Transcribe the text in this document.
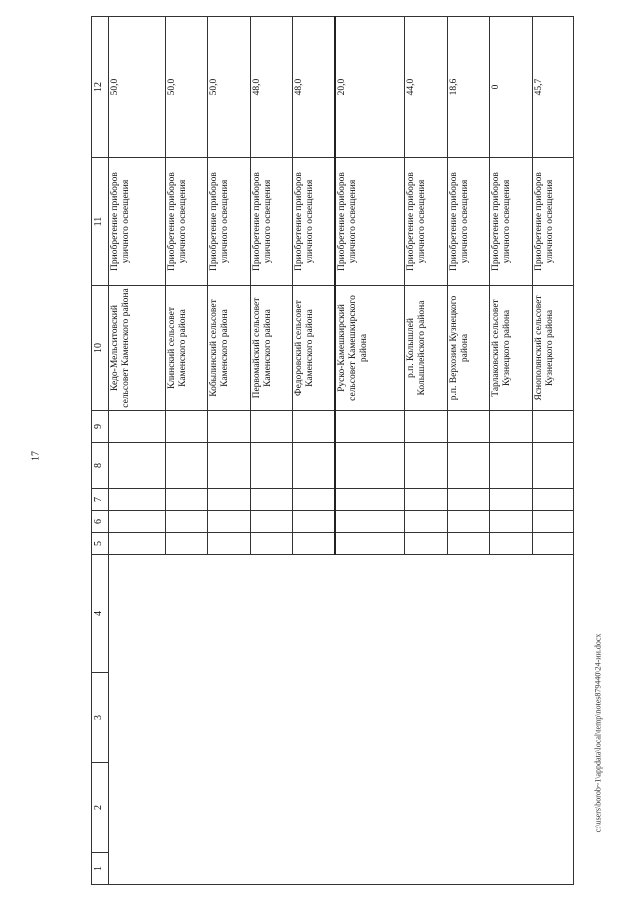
17
c:\users\borob~1\appdata\local\temp\notes879440\24-ии.docx
1	2	3	4	5	6	7	8	9	10	11	12
									Кедо-Мельситовский сельсовет Каменского района	Приобретение приборов уличного освещения	50,0
									Клинский сельсовет Каменского района	Приобретение приборов уличного освещения	50,0
									Кобылинский сельсовет Каменского района	Приобретение приборов уличного освещения	50,0
									Первомайский сельсовет Каменского района	Приобретение приборов уличного освещения	48,0
									Федоровский сельсовет Каменского района	Приобретение приборов уличного освещения	48,0
									Руско-Камешкирский сельсовет Камешкирского района	Приобретение приборов уличного освещения	20,0
									р.п. Колышлей Колышлейского района	Приобретение приборов уличного освещения	44,0
									р.п. Верхозим Кузнецкого района	Приобретение приборов уличного освещения	18,6
									Тарлаковский сельсовет Кузнецкого района	Приобретение приборов уличного освещения	0
									Яснополянский сельсовет Кузнецкого района	Приобретение приборов уличного освещения	45,7
